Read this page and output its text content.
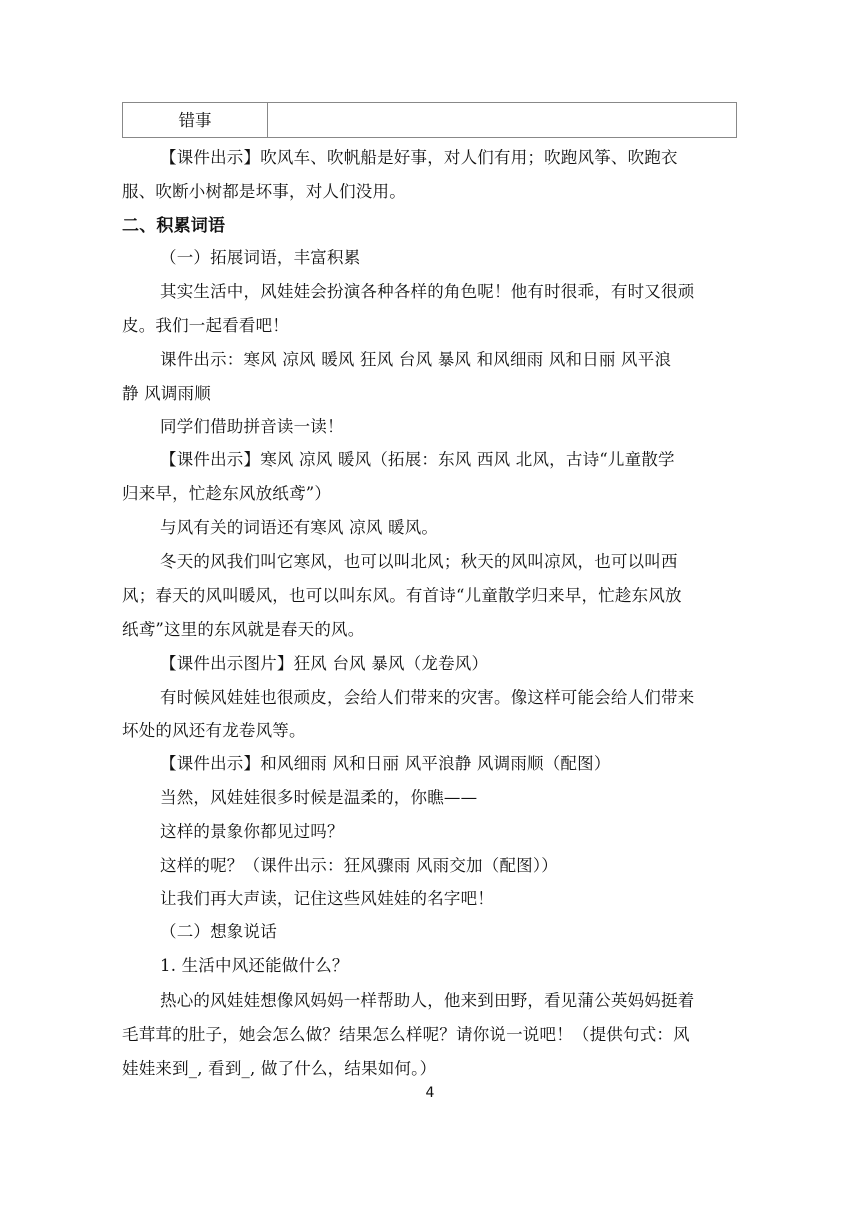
错事
【课件出示】吹风车、吹帆船是好事，对人们有用；吹跑风筝、吹跑衣
服、吹断小树都是坏事，对人们没用。
二、积累词语
（一）拓展词语，丰富积累
其实生活中，风娃娃会扮演各种各样的角色呢！他有时很乖，有时又很顽
皮。我们一起看看吧！
课件出示：寒风 凉风 暖风 狂风 台风 暴风 和风细雨 风和日丽 风平浪
静 风调雨顺
同学们借助拼音读一读！
【课件出示】寒风 凉风 暖风（拓展：东风 西风 北风，古诗“儿童散学
归来早，忙趁东风放纸鸢”）
与风有关的词语还有寒风 凉风 暖风。
冬天的风我们叫它寒风，也可以叫北风；秋天的风叫凉风，也可以叫西
风；春天的风叫暖风，也可以叫东风。有首诗“儿童散学归来早，忙趁东风放
纸鸢”这里的东风就是春天的风。
【课件出示图片】狂风 台风 暴风（龙卷风）
有时候风娃娃也很顽皮，会给人们带来的灾害。像这样可能会给人们带来
坏处的风还有龙卷风等。
【课件出示】和风细雨 风和日丽 风平浪静 风调雨顺（配图）
当然，风娃娃很多时候是温柔的，你瞧——
这样的景象你都见过吗？
这样的呢？（课件出示：狂风骤雨 风雨交加（配图））
让我们再大声读，记住这些风娃娃的名字吧！
（二）想象说话
1. 生活中风还能做什么？
热心的风娃娃想像风妈妈一样帮助人，他来到田野，看见蒲公英妈妈挺着
毛茸茸的肚子，她会怎么做？结果怎么样呢？请你说一说吧！（提供句式：风
娃娃来到_, 看到_, 做了什么，结果如何。）
4
